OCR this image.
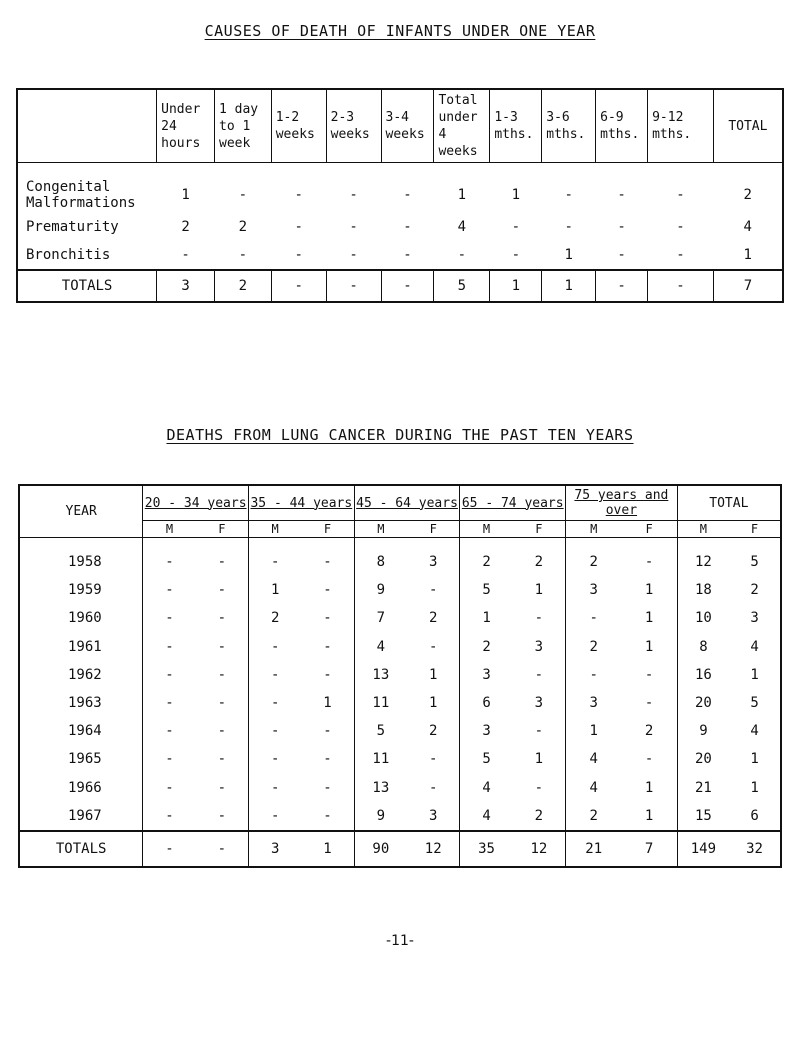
CAUSES OF DEATH OF INFANTS UNDER ONE YEAR
	Under 24 hours	1 day to 1 week	1-2 weeks	2-3 weeks	3-4 weeks	Total under 4 weeks	1-3 mths.	3-6 mths.	6-9 mths.	9-12 mths.	TOTAL
Congenital Malformations	1	-	-	-	-	1	1	-	-	-	2
Prematurity	2	2	-	-	-	4	-	-	-	-	4
Bronchitis	-	-	-	-	-	-	-	1	-	-	1
TOTALS	3	2	-	-	-	5	1	1	-	-	7
DEATHS FROM LUNG CANCER DURING THE PAST TEN YEARS
YEAR	20 - 34 years		35 - 44 years		45 - 64 years		65 - 74 years		75 years and over		TOTAL	
	M	F	M	F	M	F	M	F	M	F	M	F
1958	-	-	-	-	8	3	2	2	2	-	12	5
1959	-	-	1	-	9	-	5	1	3	1	18	2
1960	-	-	2	-	7	2	1	-	-	1	10	3
1961	-	-	-	-	4	-	2	3	2	1	8	4
1962	-	-	-	-	13	1	3	-	-	-	16	1
1963	-	-	-	1	11	1	6	3	3	-	20	5
1964	-	-	-	-	5	2	3	-	1	2	9	4
1965	-	-	-	-	11	-	5	1	4	-	20	1
1966	-	-	-	-	13	-	4	-	4	1	21	1
1967	-	-	-	-	9	3	4	2	2	1	15	6
TOTALS	-	-	3	1	90	12	35	12	21	7	149	32
-11-
